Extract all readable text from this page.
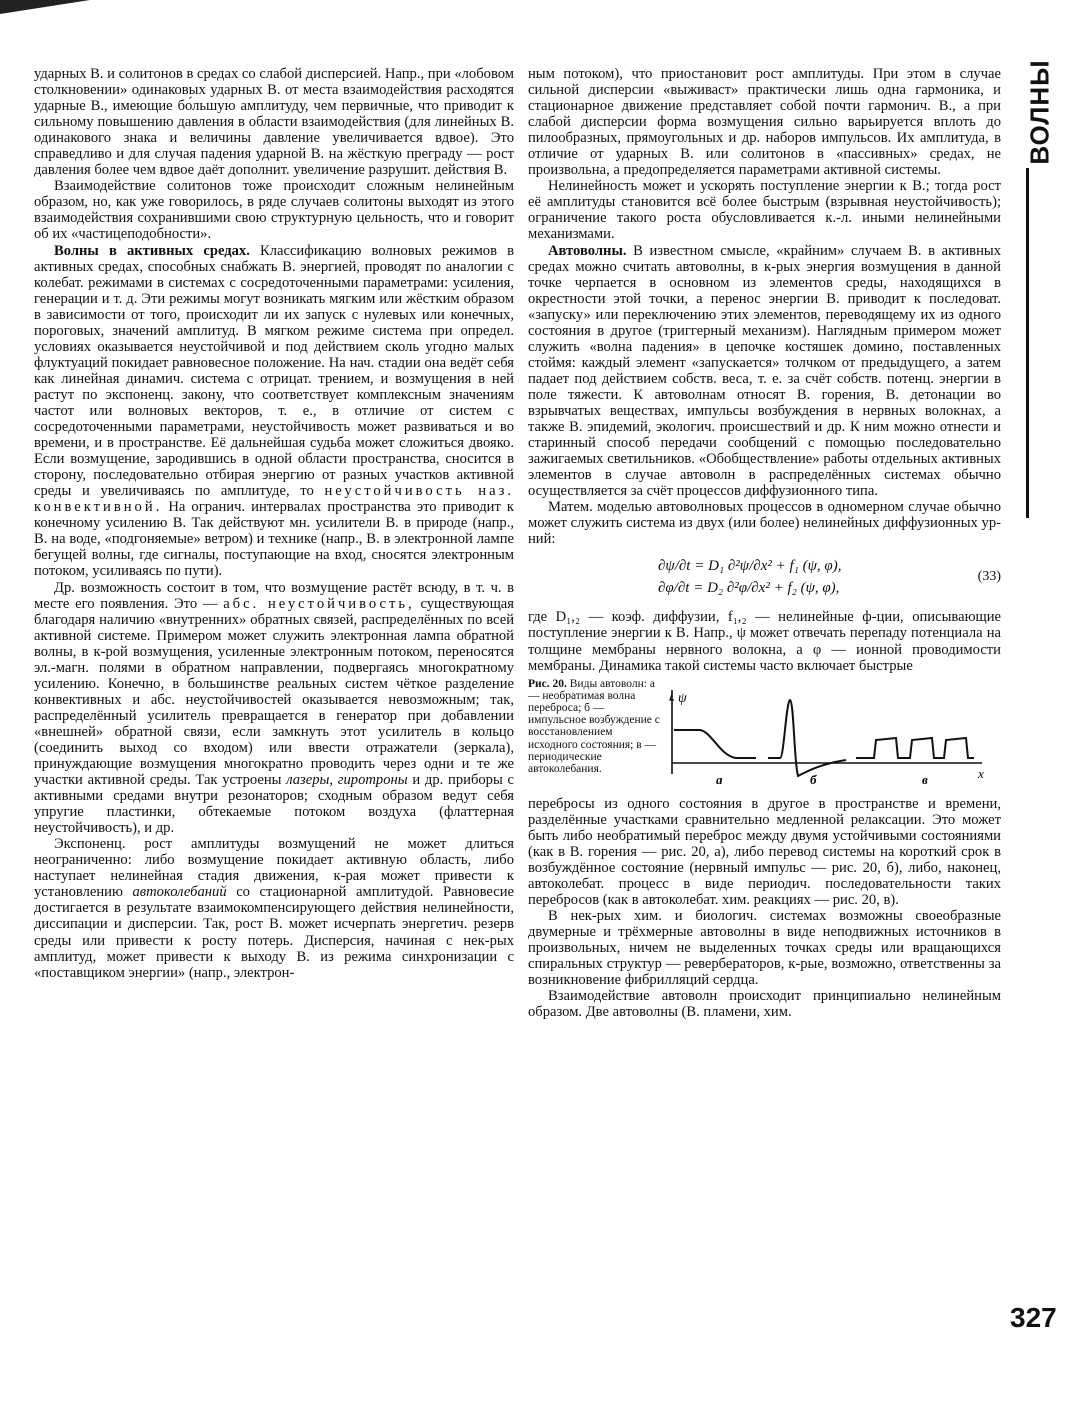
ВОЛНЫ
327

ударных В. и солитонов в средах со слабой дисперсией. Напр., при «лобовом столкновении» одинаковых ударных В. от места взаимодействия расходятся ударные В., имеющие бо́льшую амплитуду, чем первичные, что приводит к сильному повышению давления в области взаимодействия (для линейных В. одинакового знака и величины давление увеличивается вдвое). Это справедливо и для случая падения ударной В. на жёсткую преграду — рост давления более чем вдвое даёт дополнит. увеличение разрушит. действия В.

Взаимодействие солитонов тоже происходит сложным нелинейным образом, но, как уже говорилось, в ряде случаев солитоны выходят из этого взаимодействия сохранившими свою структурную цельность, что и говорит об их «частицеподобности».

Волны в активных средах. Классификацию волновых режимов в активных средах, способных снабжать В. энергией, проводят по аналогии с колебат. режимами в системах с сосредоточенными параметрами: усиления, генерации и т. д. Эти режимы могут возникать мягким или жёстким образом в зависимости от того, происходит ли их запуск с нулевых или конечных, пороговых, значений амплитуд. В мягком режиме система при определ. условиях оказывается неустойчивой и под действием сколь угодно малых флуктуаций покидает равновесное положение. На нач. стадии она ведёт себя как линейная динамич. система с отрицат. трением, и возмущения в ней растут по экспоненц. закону, что соответствует комплексным значениям частот или волновых векторов, т. е., в отличие от систем с сосредоточенными параметрами, неустойчивость может развиваться и во времени, и в пространстве. Её дальнейшая судьба может сложиться двояко. Если возмущение, зародившись в одной области пространства, сносится в сторону, последовательно отбирая энергию от разных участков активной среды и увеличиваясь по амплитуде, то неустойчивость наз. конвективной. На огранич. интервалах пространства это приводит к конечному усилению В. Так действуют мн. усилители В. в природе (напр., В. на воде, «подгоняемые» ветром) и технике (напр., В. в электронной лампе бегущей волны, где сигналы, поступающие на вход, сносятся электронным потоком, усиливаясь по пути).

Др. возможность состоит в том, что возмущение растёт всюду, в т. ч. в месте его появления. Это — абс. неустойчивость, существующая благодаря наличию «внутренних» обратных связей, распределённых по всей активной системе. Примером может служить электронная лампа обратной волны, в к-рой возмущения, усиленные электронным потоком, переносятся эл.-магн. полями в обратном направлении, подвергаясь многократному усилению. Конечно, в большинстве реальных систем чёткое разделение конвективных и абс. неустойчивостей оказывается невозможным; так, распределённый усилитель превращается в генератор при добавлении «внешней» обратной связи, если замкнуть этот усилитель в кольцо (соединить выход со входом) или ввести отражатели (зеркала), принуждающие возмущения многократно проводить через одни и те же участки активной среды. Так устроены лазеры, гиротроны и др. приборы с активными средами внутри резонаторов; сходным образом ведут себя упругие пластинки, обтекаемые потоком воздуха (флаттерная неустойчивость), и др.

Экспоненц. рост амплитуды возмущений не может длиться неограниченно: либо возмущение покидает активную область, либо наступает нелинейная стадия движения, к-рая может привести к установлению автоколебаний со стационарной амплитудой. Равновесие достигается в результате взаимокомпенсирующего действия нелинейности, диссипации и дисперсии. Так, рост В. может исчерпать энергетич. резерв среды или привести к росту потерь. Дисперсия, начиная с нек-рых амплитуд, может привести к выходу В. из режима синхронизации с «поставщиком энергии» (напр., электрон-

ным потоком), что приостановит рост амплитуды. При этом в случае сильной дисперсии «выживаст» практически лишь одна гармоника, и стационарное движение представляет собой почти гармонич. В., а при слабой дисперсии форма возмущения сильно варьируется вплоть до пилообразных, прямоугольных и др. наборов импульсов. Их амплитуда, в отличие от ударных В. или солитонов в «пассивных» средах, не произвольна, а предопределяется параметрами активной системы.

Нелинейность может и ускорять поступление энергии к В.; тогда рост её амплитуды становится всё более быстрым (взрывная неустойчивость); ограничение такого роста обусловливается к.-л. иными нелинейными механизмами.

Автоволны. В известном смысле, «крайним» случаем В. в активных средах можно считать автоволны, в к-рых энергия возмущения в данной точке черпается в основном из элементов среды, находящихся в окрестности этой точки, а перенос энергии В. приводит к последоват. «запуску» или переключению этих элементов, переводящему их из одного состояния в другое (триггерный механизм). Наглядным примером может служить «волна падения» в цепочке костяшек домино, поставленных стоймя: каждый элемент «запускается» толчком от предыдущего, а затем падает под действием собств. веса, т. е. за счёт собств. потенц. энергии в поле тяжести. К автоволнам относят В. горения, В. детонации во взрывчатых веществах, импульсы возбуждения в нервных волокнах, а также В. эпидемий, экологич. происшествий и др. К ним можно отнести и старинный способ передачи сообщений с помощью последовательно зажигаемых светильников. «Обобществление» работы отдельных активных элементов в случае автоволн в распределённых системах обычно осуществляется за счёт процессов диффузионного типа.

Матем. моделью автоволновых процессов в одномерном случае обычно может служить система из двух (или более) нелинейных диффузионных ур-ний:

∂ψ/∂t = D₁ ∂²ψ/∂x² + f₁ (ψ, φ),
∂φ/∂t = D₂ ∂²φ/∂x² + f₂ (ψ, φ),
(33)

где D₁,₂ — коэф. диффузии, f₁,₂ — нелинейные ф-ции, описывающие поступление энергии к В. Напр., ψ может отвечать перепаду потенциала на толщине мембраны нервного волокна, а φ — ионной проводимости мембраны. Динамика такой системы часто включает быстрые

Рис. 20. Виды автоволн: а — необратимая волна переброса; б — импульсное возбуждение с восстановлением исходного состояния; в — периодические автоколебания.
ψ
x
а	б	в

перебросы из одного состояния в другое в пространстве и времени, разделённые участками сравнительно медленной релаксации. Это может быть либо необратимый переброс между двумя устойчивыми состояниями (как в В. горения — рис. 20, а), либо перевод системы на короткий срок в возбуждённое состояние (нервный импульс — рис. 20, б), либо, наконец, автоколебат. процесс в виде периодич. последовательности таких перебросов (как в автоколебат. хим. реакциях — рис. 20, в).

В нек-рых хим. и биологич. системах возможны своеобразные двумерные и трёхмерные автоволны в виде неподвижных источников в произвольных, ничем не выделенных точках среды или вращающихся спиральных структур — ревербераторов, к-рые, возможно, ответственны за возникновение фибрилляций сердца.

Взаимодействие автоволн происходит принципиально нелинейным образом. Две автоволны (В. пламени, хим.
